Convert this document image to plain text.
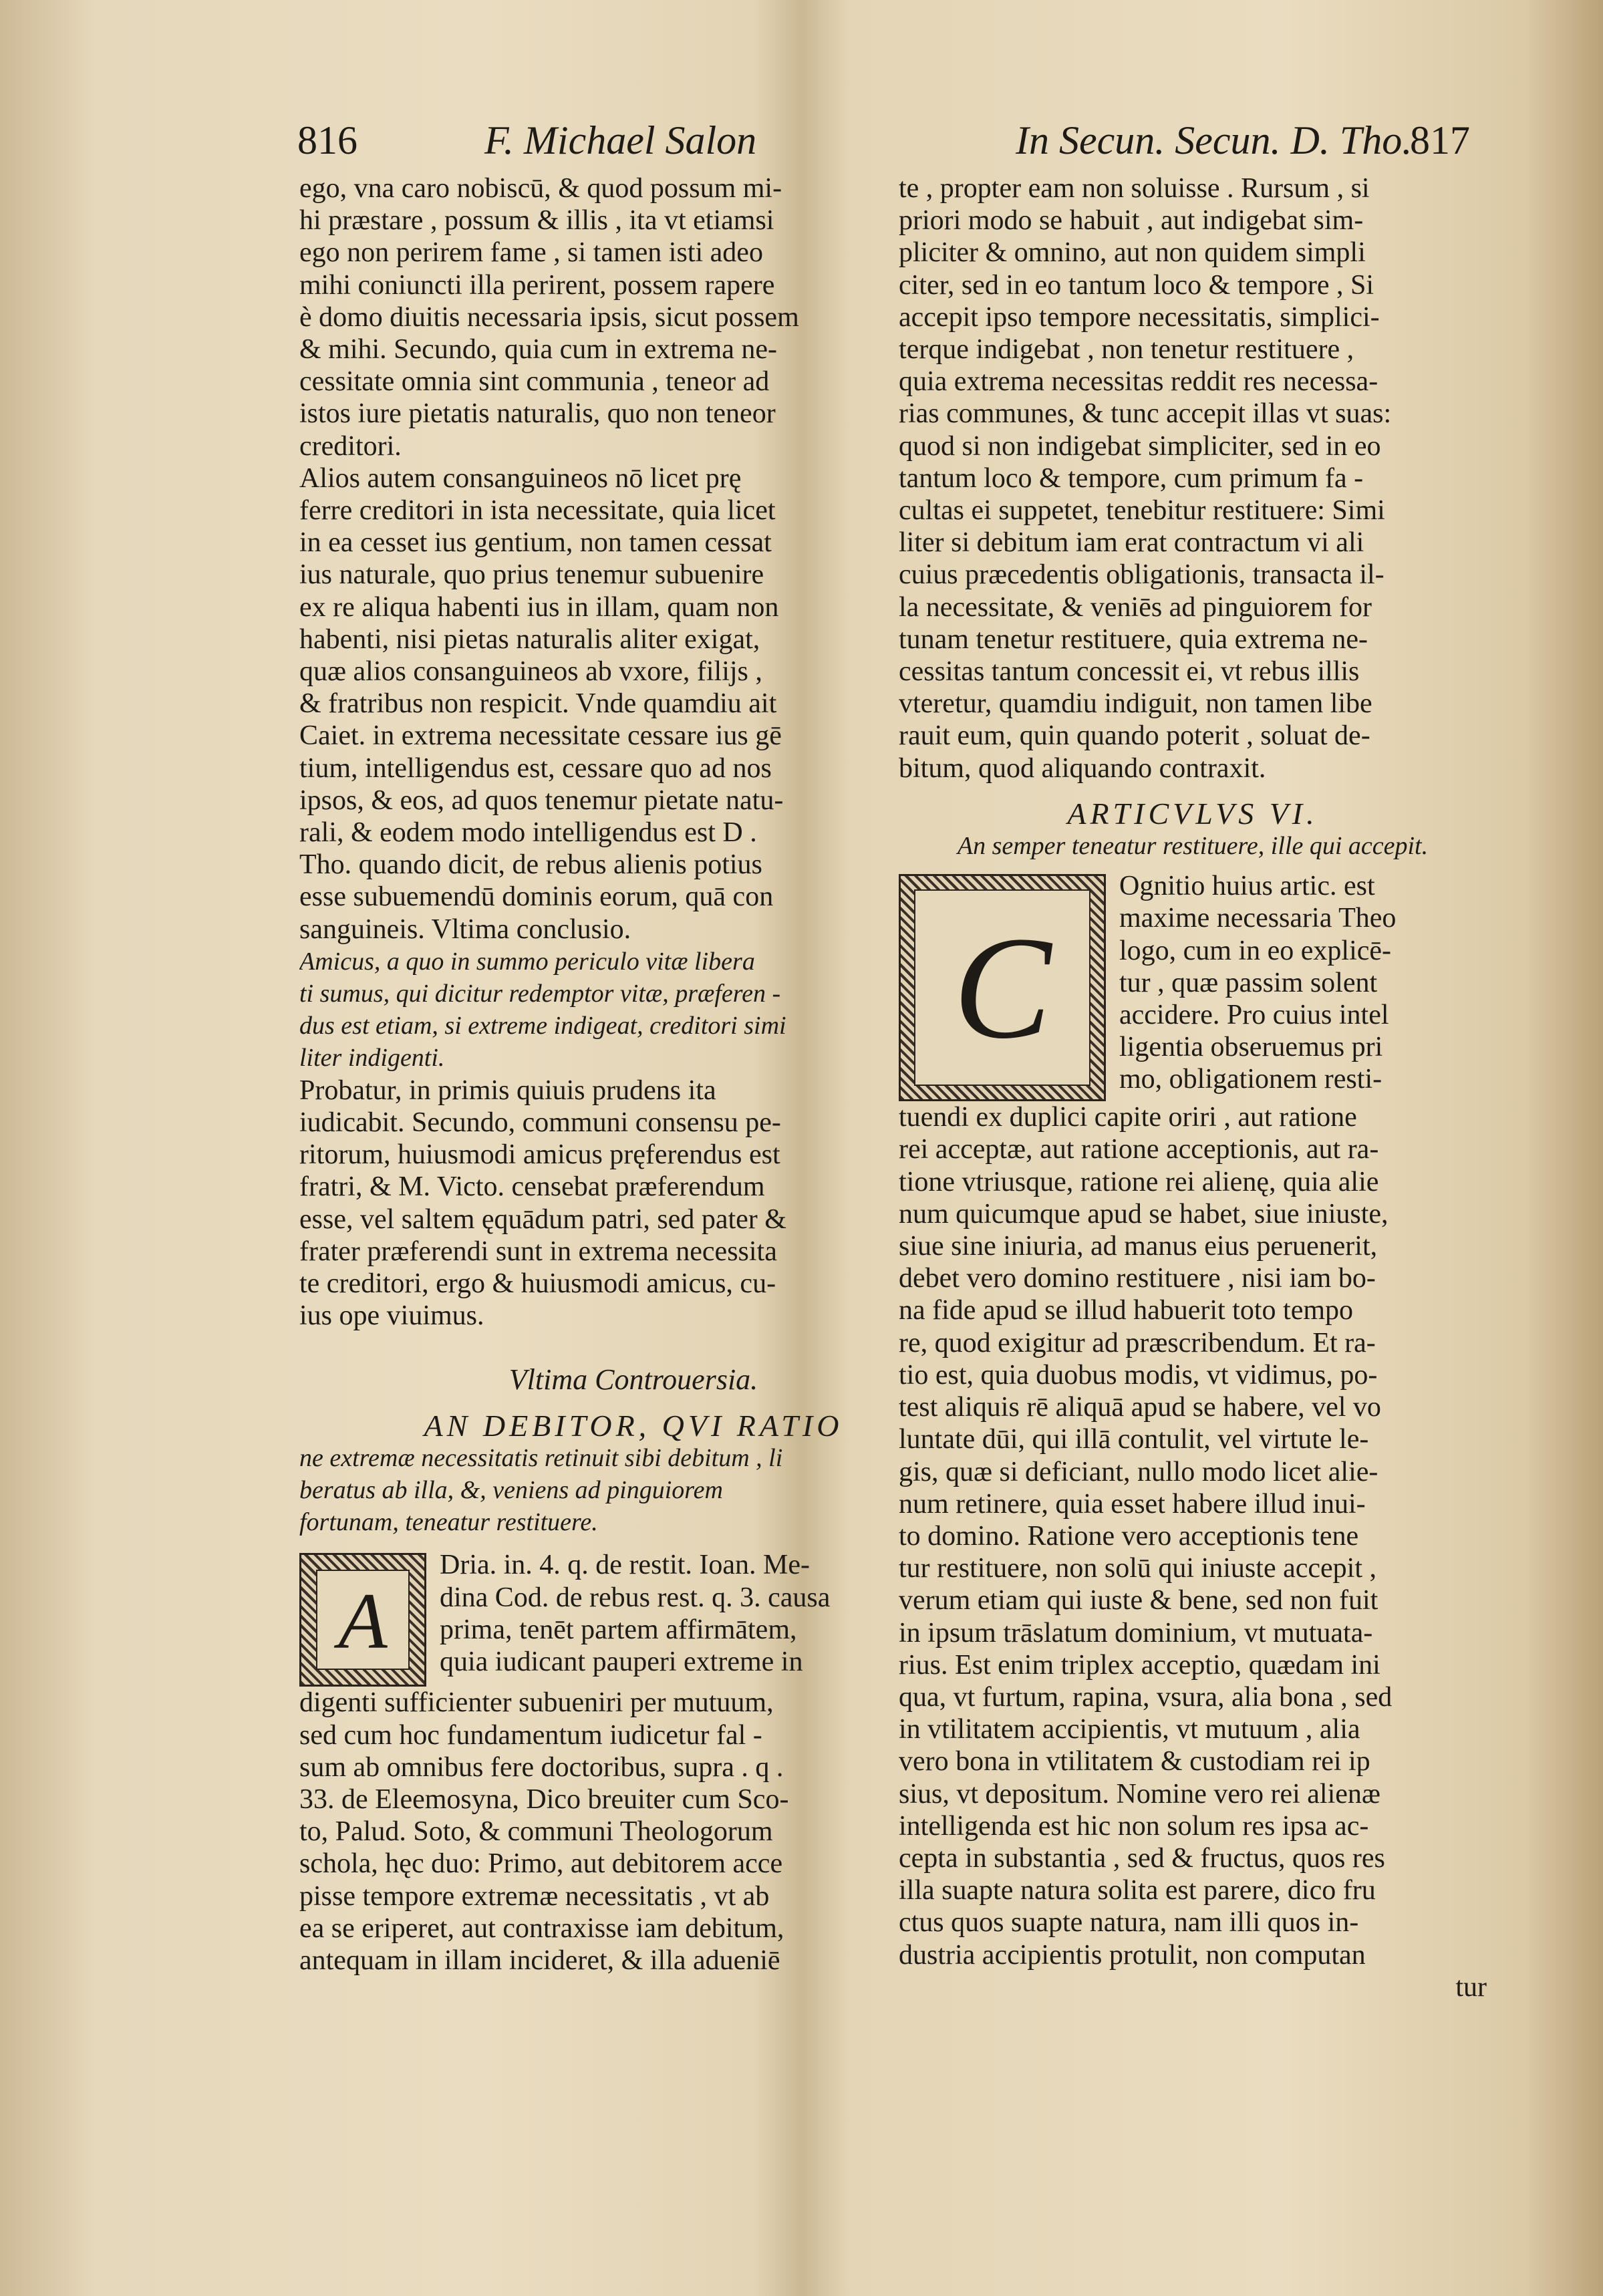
816	F. Michael Salon	In Secun. Secun. D. Tho.
817
ego, vna caro nobiscū, & quod possum mi-
hi præstare , possum & illis , ita vt etiamsi
ego non perirem fame , si tamen isti adeo
mihi coniuncti illa perirent, possem rapere
è domo diuitis necessaria ipsis, sicut possem
& mihi. Secundo, quia cum in extrema ne-
cessitate omnia sint communia , teneor ad
istos iure pietatis naturalis, quo non teneor
creditori.
Alios autem consanguineos nō licet prę
ferre creditori in ista necessitate, quia licet
in ea cesset ius gentium, non tamen cessat
ius naturale, quo prius tenemur subuenire
ex re aliqua habenti ius in illam, quam non
habenti, nisi pietas naturalis aliter exigat,
quæ alios consanguineos ab vxore, filijs ,
& fratribus non respicit. Vnde quamdiu ait
Caiet. in extrema necessitate cessare ius gē
tium, intelligendus est, cessare quo ad nos
ipsos, & eos, ad quos tenemur pietate natu-
rali, & eodem modo intelligendus est D .
Tho. quando dicit, de rebus alienis potius
esse subuemendū dominis eorum, quā con
sanguineis. Vltima conclusio.
Amicus, a quo in summo periculo vitæ libera
ti sumus, qui dicitur redemptor vitæ, præferen -
dus est etiam, si extreme indigeat, creditori simi
liter indigenti.
Probatur, in primis quiuis prudens ita
iudicabit. Secundo, communi consensu pe-
ritorum, huiusmodi amicus pręferendus est
fratri, & M. Victo. censebat præferendum
esse, vel saltem ęquādum patri, sed pater &
frater præferendi sunt in extrema necessita
te creditori, ergo & huiusmodi amicus, cu-
ius ope viuimus.
Vltima Controuersia.
AN DEBITOR, QVI RATIO
ne extremæ necessitatis retinuit sibi debitum , li
beratus ab illa, &, veniens ad pinguiorem
fortunam, teneatur restituere.
A
Dria. in. 4. q. de restit. Ioan. Me-
dina Cod. de rebus rest. q. 3. causa
prima, tenēt partem affirmātem,
quia iudicant pauperi extreme in
digenti sufficienter subueniri per mutuum,
sed cum hoc fundamentum iudicetur fal -
sum ab omnibus fere doctoribus, supra . q .
33. de Eleemosyna, Dico breuiter cum Sco-
to, Palud. Soto, & communi Theologorum
schola, hęc duo: Primo, aut debitorem acce
pisse tempore extremæ necessitatis , vt ab
ea se eriperet, aut contraxisse iam debitum,
antequam in illam incideret, & illa adueniē
te , propter eam non soluisse . Rursum , si
priori modo se habuit , aut indigebat sim-
pliciter & omnino, aut non quidem simpli
citer, sed in eo tantum loco & tempore , Si
accepit ipso tempore necessitatis, simplici-
terque indigebat , non tenetur restituere ,
quia extrema necessitas reddit res necessa-
rias communes, & tunc accepit illas vt suas:
quod si non indigebat simpliciter, sed in eo
tantum loco & tempore, cum primum fa -
cultas ei suppetet, tenebitur restituere: Simi
liter si debitum iam erat contractum vi ali
cuius præcedentis obligationis, transacta il-
la necessitate, & veniēs ad pinguiorem for
tunam tenetur restituere, quia extrema ne-
cessitas tantum concessit ei, vt rebus illis
vteretur, quamdiu indiguit, non tamen libe
rauit eum, quin quando poterit , soluat de-
bitum, quod aliquando contraxit.
ARTICVLVS VI.
An semper teneatur restituere, ille qui accepit.
C
Ognitio huius artic. est
maxime necessaria Theo
logo, cum in eo explicē-
tur , quæ passim solent
accidere. Pro cuius intel
ligentia obseruemus pri
mo, obligationem resti-
tuendi ex duplici capite oriri , aut ratione
rei acceptæ, aut ratione acceptionis, aut ra-
tione vtriusque, ratione rei alienę, quia alie
num quicumque apud se habet, siue iniuste,
siue sine iniuria, ad manus eius peruenerit,
debet vero domino restituere , nisi iam bo-
na fide apud se illud habuerit toto tempo
re, quod exigitur ad præscribendum. Et ra-
tio est, quia duobus modis, vt vidimus, po-
test aliquis rē aliquā apud se habere, vel vo
luntate dūi, qui illā contulit, vel virtute le-
gis, quæ si deficiant, nullo modo licet alie-
num retinere, quia esset habere illud inui-
to domino. Ratione vero acceptionis tene
tur restituere, non solū qui iniuste accepit ,
verum etiam qui iuste & bene, sed non fuit
in ipsum trāslatum dominium, vt mutuata-
rius. Est enim triplex acceptio, quædam ini
qua, vt furtum, rapina, vsura, alia bona , sed
in vtilitatem accipientis, vt mutuum , alia
vero bona in vtilitatem & custodiam rei ip
sius, vt depositum. Nomine vero rei alienæ
intelligenda est hic non solum res ipsa ac-
cepta in substantia , sed & fructus, quos res
illa suapte natura solita est parere, dico fru
ctus quos suapte natura, nam illi quos in-
dustria accipientis protulit, non computan
tur
